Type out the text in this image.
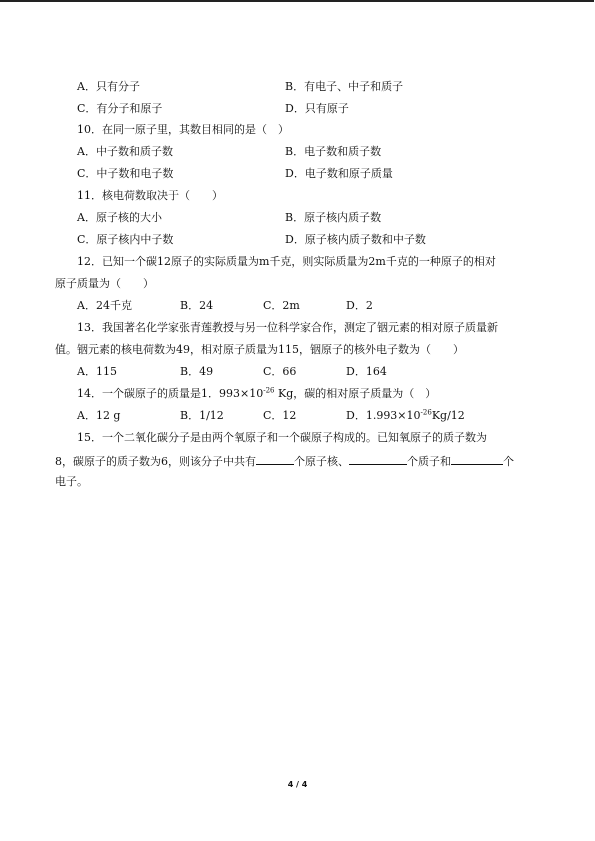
A．只有分子	B．有电子、中子和质子
C．有分子和原子	D．只有原子
10．在同一原子里，其数目相同的是（　）
A．中子数和质子数	B．电子数和质子数
C．中子数和电子数	D．电子数和原子质量
11．核电荷数取决于（　　）
A．原子核的大小	B．原子核内质子数
C．原子核内中子数	D．原子核内质子数和中子数
12．已知一个碳12原子的实际质量为m千克，则实际质量为2m千克的一种原子的相对
原子质量为（　　）
A．24千克	B．24	C．2m	D．2
13．我国著名化学家张青莲教授与另一位科学家合作，测定了铟元素的相对原子质量新
值。铟元素的核电荷数为49，相对原子质量为115，铟原子的核外电子数为（　　）
A．115	B．49	C．66	D．164
14．一个碳原子的质量是1．$993\times 10^{-26}$ Kg，碳的相对原子质量为（　）
A．12 g	B．1/12	C．12	D．$1.993\times 10^{-26}Kg/12$
15．一个二氧化碳分子是由两个氧原子和一个碳原子构成的。已知氧原子的质子数为
8，碳原子的质子数为6，则该分子中共有	个原子核、	个质子和	个
电子。
4 / 4
